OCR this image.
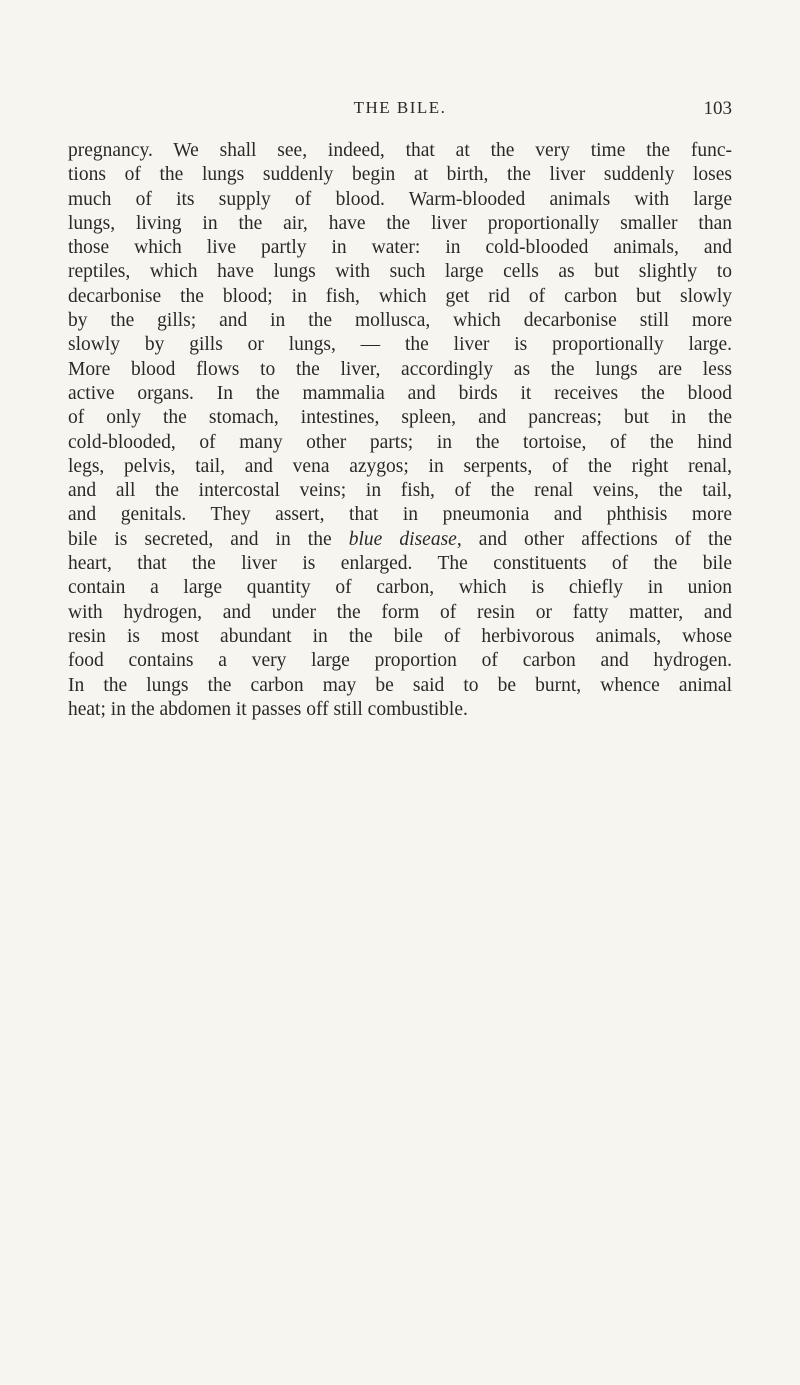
THE BILE.	103
pregnancy. We shall see, indeed, that at the very time the func-
tions of the lungs suddenly begin at birth, the liver suddenly loses
much of its supply of blood. Warm-blooded animals with large
lungs, living in the air, have the liver proportionally smaller than
those which live partly in water: in cold-blooded animals, and
reptiles, which have lungs with such large cells as but slightly to
decarbonise the blood; in fish, which get rid of carbon but slowly
by the gills; and in the mollusca, which decarbonise still more
slowly by gills or lungs, — the liver is proportionally large.
More blood flows to the liver, accordingly as the lungs are less
active organs. In the mammalia and birds it receives the blood
of only the stomach, intestines, spleen, and pancreas; but in the
cold-blooded, of many other parts; in the tortoise, of the hind
legs, pelvis, tail, and vena azygos; in serpents, of the right renal,
and all the intercostal veins; in fish, of the renal veins, the tail,
and genitals. They assert, that in pneumonia and phthisis more
bile is secreted, and in the blue disease, and other affections of the
heart, that the liver is enlarged. The constituents of the bile
contain a large quantity of carbon, which is chiefly in union
with hydrogen, and under the form of resin or fatty matter, and
resin is most abundant in the bile of herbivorous animals, whose
food contains a very large proportion of carbon and hydrogen.
In the lungs the carbon may be said to be burnt, whence animal
heat; in the abdomen it passes off still combustible.
